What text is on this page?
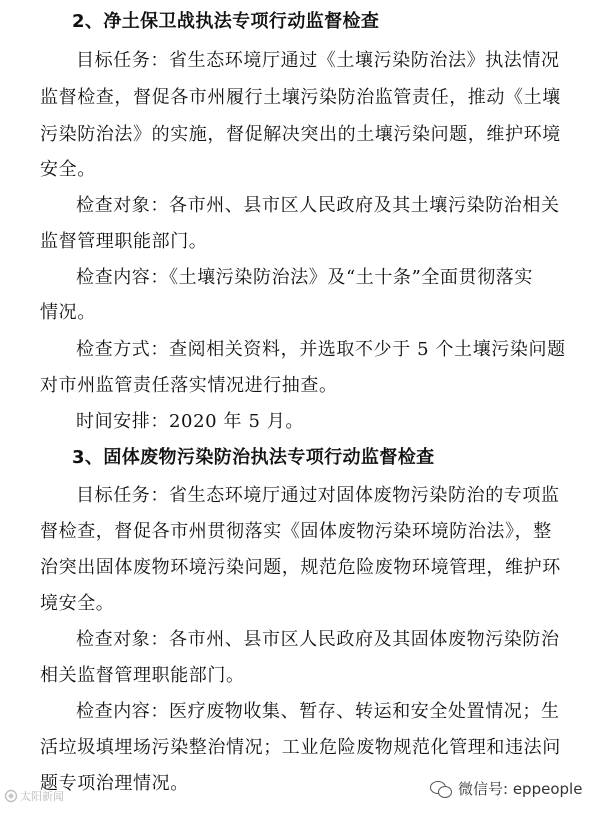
2、净土保卫战执法专项行动监督检查
目标任务：省生态环境厅通过《土壤污染防治法》执法情况
监督检查，督促各市州履行土壤污染防治监管责任，推动《土壤
污染防治法》的实施，督促解决突出的土壤污染问题，维护环境
安全。
检查对象：各市州、县市区人民政府及其土壤污染防治相关
监督管理职能部门。
检查内容：《土壤污染防治法》及“土十条”全面贯彻落实
情况。
检查方式：查阅相关资料，并选取不少于 5 个土壤污染问题
对市州监管责任落实情况进行抽查。
时间安排：2020 年 5 月。
3、固体废物污染防治执法专项行动监督检查
目标任务：省生态环境厅通过对固体废物污染防治的专项监
督检查，督促各市州贯彻落实《固体废物污染环境防治法》，整
治突出固体废物环境污染问题，规范危险废物环境管理，维护环
境安全。
检查对象：各市州、县市区人民政府及其固体废物污染防治
相关监督管理职能部门。
检查内容：医疗废物收集、暂存、转运和安全处置情况；生
活垃圾填埋场污染整治情况；工业危险废物规范化管理和违法问
题专项治理情况。
太阳新闻	微信号: eppeople
